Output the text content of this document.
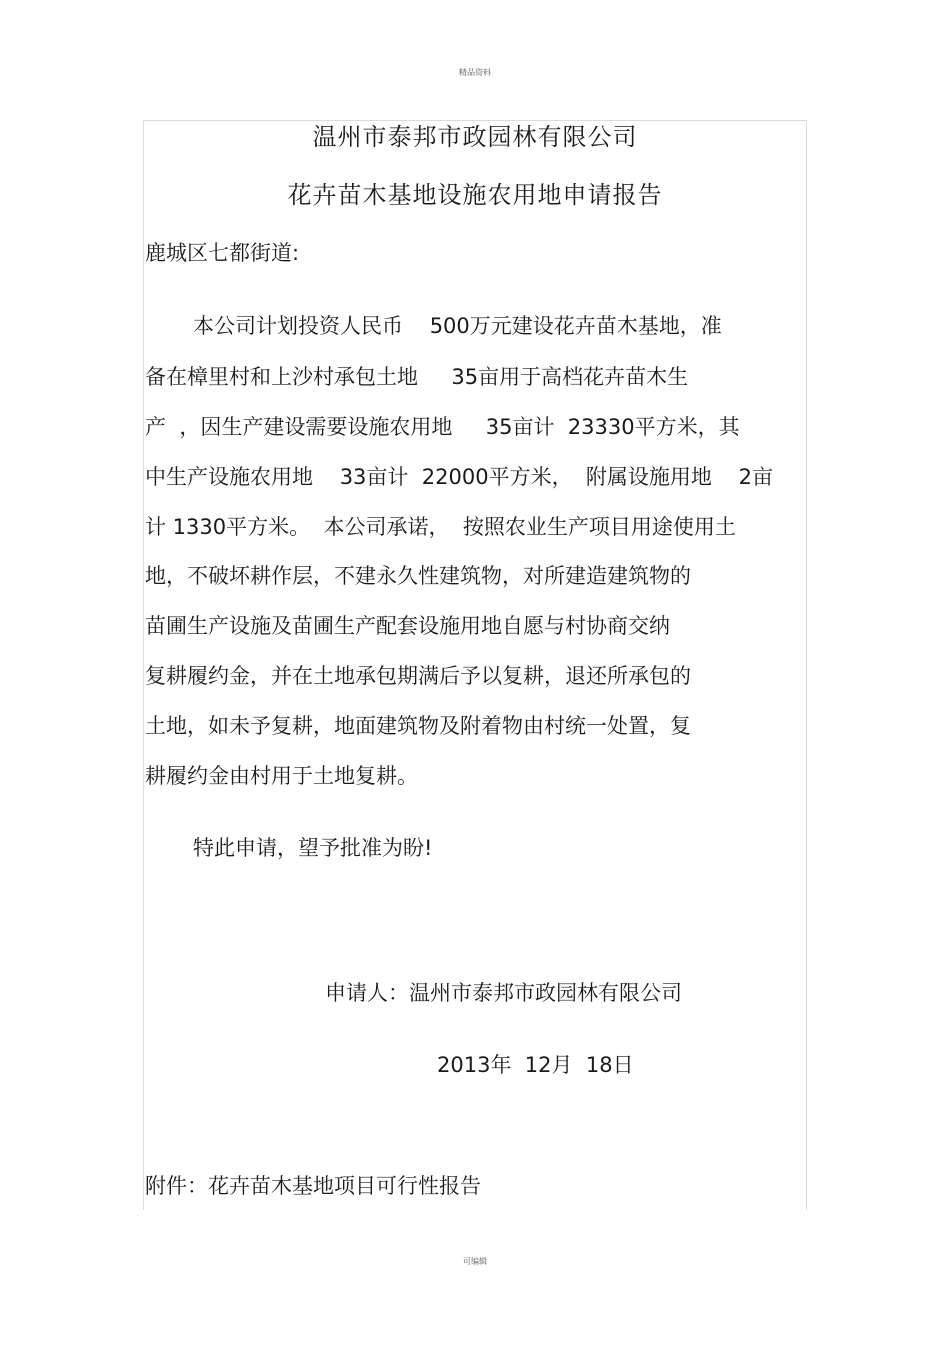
精品资料
温州市泰邦市政园林有限公司
花卉苗木基地设施农用地申请报告
鹿城区七都街道:
本公司计划投资人民币    500万元建设花卉苗木基地，准
备在樟里村和上沙村承包土地     35亩用于高档花卉苗木生
产  ，因生产建设需要设施农用地     35亩计  23330平方米，其
中生产设施农用地    33亩计  22000平方米，  附属设施用地    2亩
计 1330平方米。  本公司承诺，  按照农业生产项目用途使用土
地，不破坏耕作层，不建永久性建筑物，对所建造建筑物的
苗圃生产设施及苗圃生产配套设施用地自愿与村协商交纳
复耕履约金，并在土地承包期满后予以复耕，退还所承包的
土地，如未予复耕，地面建筑物及附着物由村统一处置，复
耕履约金由村用于土地复耕。
特此申请，望予批准为盼!
申请人：温州市泰邦市政园林有限公司
2013年  12月  18日
附件：花卉苗木基地项目可行性报告
可编辑
